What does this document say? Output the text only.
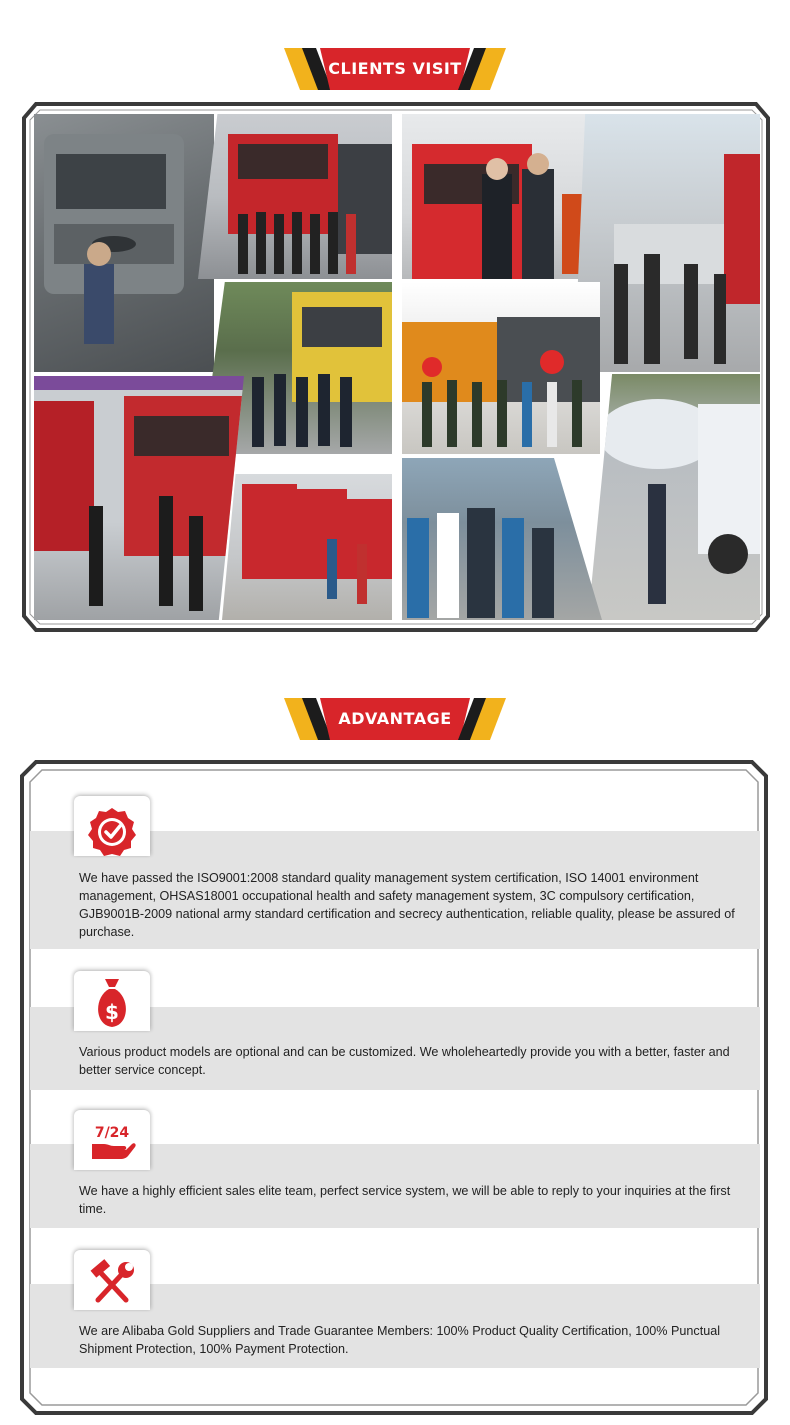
CLIENTS VISIT
ADVANTAGE
We have passed the ISO9001:2008 standard quality management system certification, ISO 14001 environment management, OHSAS18001 occupational health and safety management system, 3C compulsory certification, GJB9001B-2009 national army standard certification and secrecy authentication, reliable quality, please be assured of purchase.
$
Various product models are optional and can be customized. We wholeheartedly provide you with a better, faster and better service concept.
7/24
We have a highly efficient sales elite team, perfect service system, we will be able to reply to your inquiries at the first time.
We are Alibaba Gold Suppliers and Trade Guarantee Members: 100% Product Quality Certification, 100% Punctual Shipment Protection, 100% Payment Protection.
